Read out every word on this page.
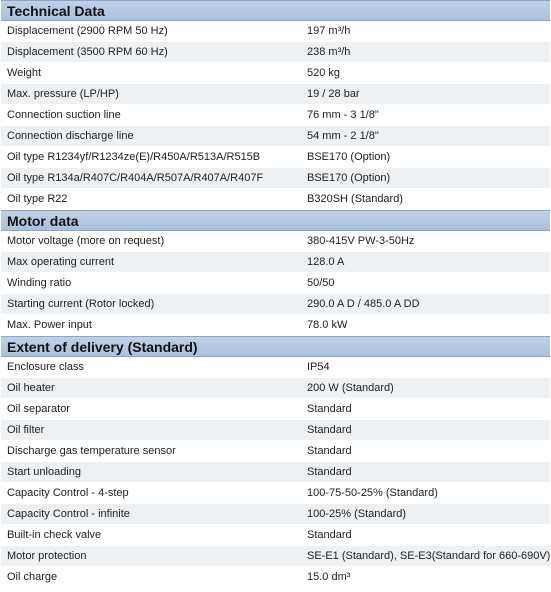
Technical Data
Displacement (2900 RPM 50 Hz)	197 m³/h
Displacement (3500 RPM 60 Hz)	238 m³/h
Weight	520 kg
Max. pressure (LP/HP)	19 / 28 bar
Connection suction line	76 mm - 3 1/8"
Connection discharge line	54 mm - 2 1/8"
Oil type R1234yf/R1234ze(E)/R450A/R513A/R515B	BSE170 (Option)
Oil type R134a/R407C/R404A/R507A/R407A/R407F	BSE170 (Option)
Oil type R22	B320SH (Standard)
Motor data
Motor voltage (more on request)	380-415V PW-3-50Hz
Max operating current	128.0 A
Winding ratio	50/50
Starting current (Rotor locked)	290.0 A D / 485.0 A DD
Max. Power input	78.0 kW
Extent of delivery (Standard)
Enclosure class	IP54
Oil heater	200 W (Standard)
Oil separator	Standard
Oil filter	Standard
Discharge gas temperature sensor	Standard
Start unloading	Standard
Capacity Control - 4-step	100-75-50-25% (Standard)
Capacity Control - infinite	100-25% (Standard)
Built-in check valve	Standard
Motor protection	SE-E1 (Standard), SE-E3(Standard for 660-690V)
Oil charge	15.0 dm³
